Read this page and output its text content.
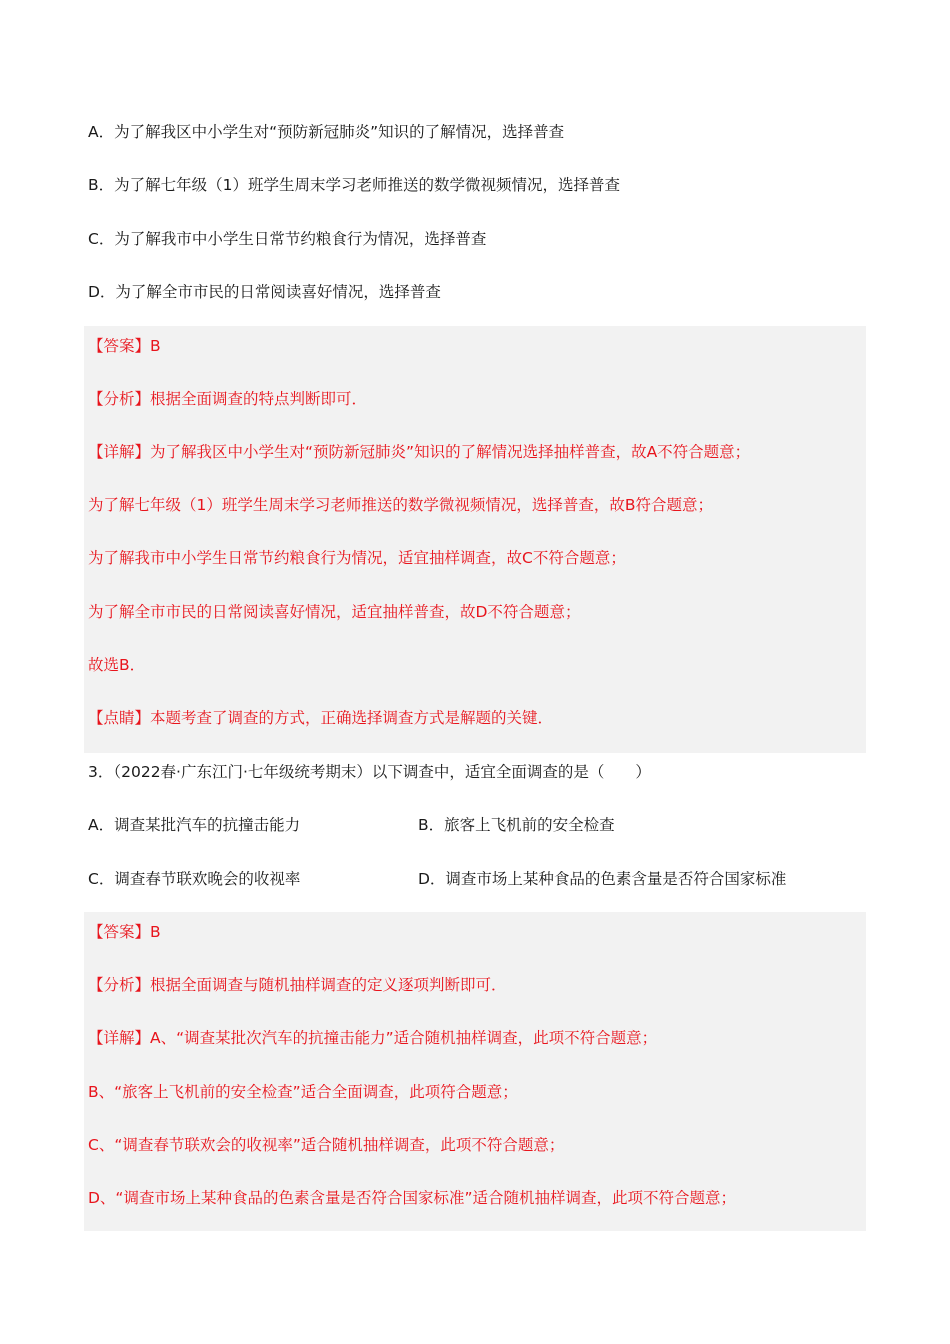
A．为了解我区中小学生对“预防新冠肺炎”知识的了解情况，选择普查
B．为了解七年级（1）班学生周末学习老师推送的数学微视频情况，选择普查
C．为了解我市中小学生日常节约粮食行为情况，选择普查
D．为了解全市市民的日常阅读喜好情况，选择普查
【答案】B
【分析】根据全面调查的特点判断即可．
【详解】为了解我区中小学生对“预防新冠肺炎”知识的了解情况选择抽样普查，故A不符合题意；
为了解七年级（1）班学生周末学习老师推送的数学微视频情况，选择普查，故B符合题意；
为了解我市中小学生日常节约粮食行为情况，适宜抽样调查，故C不符合题意；
为了解全市市民的日常阅读喜好情况，适宜抽样普查，故D不符合题意；
故选B．
【点睛】本题考查了调查的方式，正确选择调查方式是解题的关键．
3．（2022春·广东江门·七年级统考期末）以下调查中，适宜全面调查的是（　　）
A．调查某批汽车的抗撞击能力	B．旅客上飞机前的安全检查
C．调查春节联欢晚会的收视率	D．调查市场上某种食品的色素含量是否符合国家标准
【答案】B
【分析】根据全面调查与随机抽样调查的定义逐项判断即可．
【详解】A、“调查某批次汽车的抗撞击能力”适合随机抽样调查，此项不符合题意；
B、“旅客上飞机前的安全检查”适合全面调查，此项符合题意；
C、“调查春节联欢会的收视率”适合随机抽样调查，此项不符合题意；
D、“调查市场上某种食品的色素含量是否符合国家标准”适合随机抽样调查，此项不符合题意；
